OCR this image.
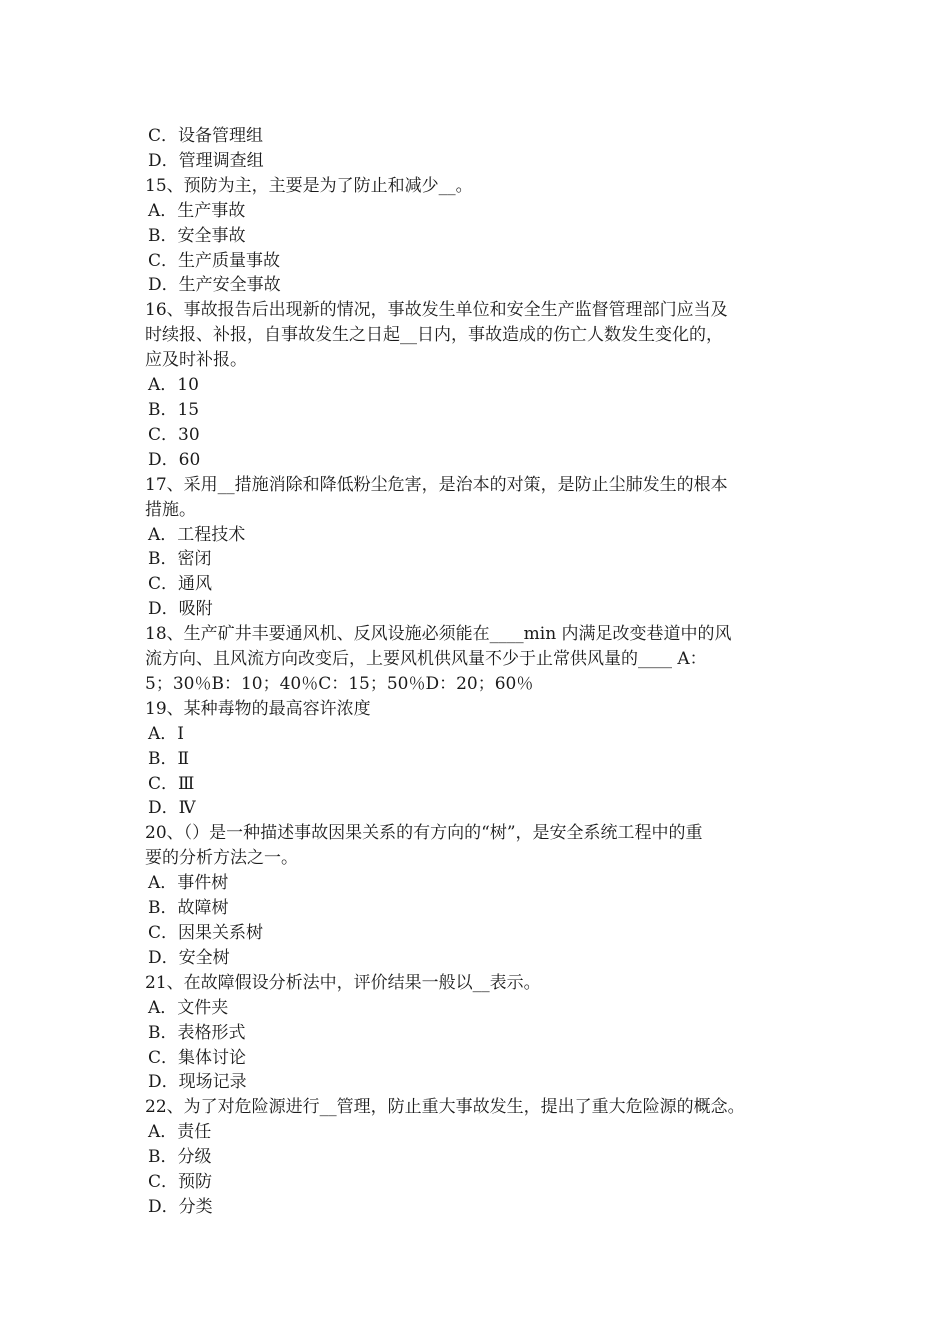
C．设备管理组

D．管理调查组

15、预防为主，主要是为了防止和减少__。

A．生产事故

B．安全事故

C．生产质量事故

D．生产安全事故

16、事故报告后出现新的情况，事故发生单位和安全生产监督管理部门应当及

时续报、补报，自事故发生之日起__日内，事故造成的伤亡人数发生变化的，

应及时补报。

A．10

B．15

C．30

D．60

17、采用__措施消除和降低粉尘危害，是治本的对策，是防止尘肺发生的根本

措施。

A．工程技术

B．密闭

C．通风

D．吸附

18、生产矿井丰要通风机、反风设施必须能在____min 内满足改变巷道中的风

流方向、且风流方向改变后，上要风机供风量不少于止常供风量的____ A：

5；30％B：10；40％C：15；50％D：20；60％

19、某种毒物的最高容许浓度

A．Ⅰ

B．Ⅱ

C．Ⅲ

D．Ⅳ

20、（）是一种描述事故因果关系的有方向的“树”，是安全系统工程中的重

要的分析方法之一。

A．事件树

B．故障树

C．因果关系树

D．安全树

21、在故障假设分析法中，评价结果一般以__表示。

A．文件夹

B．表格形式

C．集体讨论

D．现场记录

22、为了对危险源进行__管理，防止重大事故发生，提出了重大危险源的概念。

A．责任

B．分级

C．预防

D．分类
